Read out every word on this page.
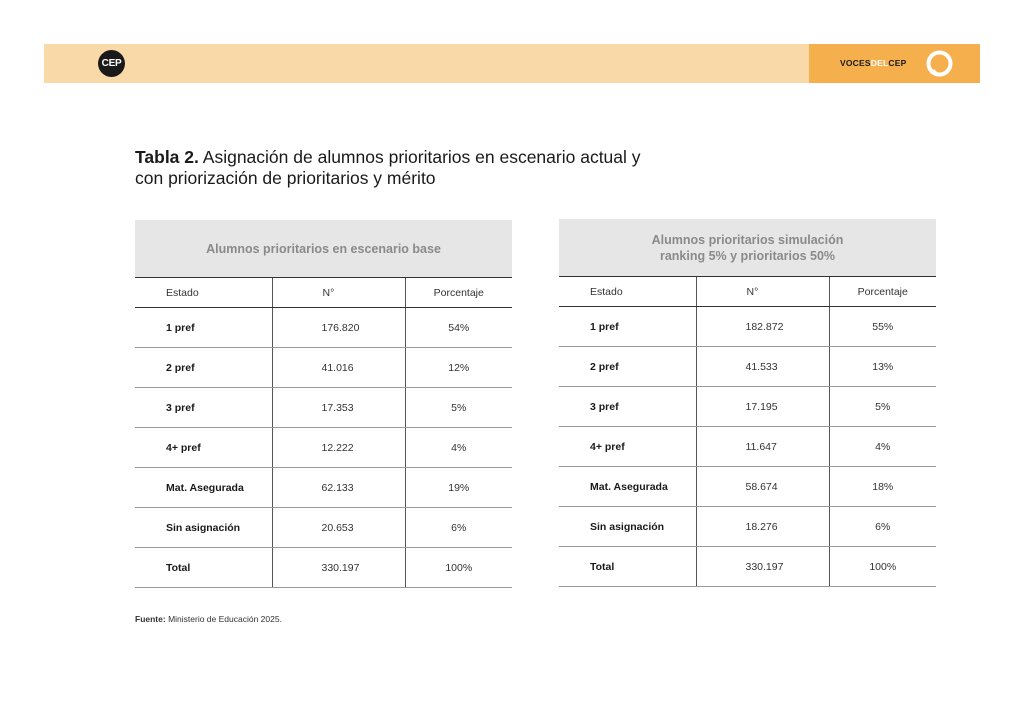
CEP	VOCESDELCEP
Tabla 2. Asignación de alumnos prioritarios en escenario actual y con priorización de prioritarios y mérito
Alumnos prioritarios en escenario base
Estado	N°	Porcentaje
1 pref	176.820	54%
2 pref	41.016	12%
3 pref	17.353	5%
4+ pref	12.222	4%
Mat. Asegurada	62.133	19%
Sin asignación	20.653	6%
Total	330.197	100%
Alumnos prioritarios simulación ranking 5% y prioritarios 50%
Estado	N°	Porcentaje
1 pref	182.872	55%
2 pref	41.533	13%
3 pref	17.195	5%
4+ pref	11.647	4%
Mat. Asegurada	58.674	18%
Sin asignación	18.276	6%
Total	330.197	100%
Fuente: Ministerio de Educación 2025.
